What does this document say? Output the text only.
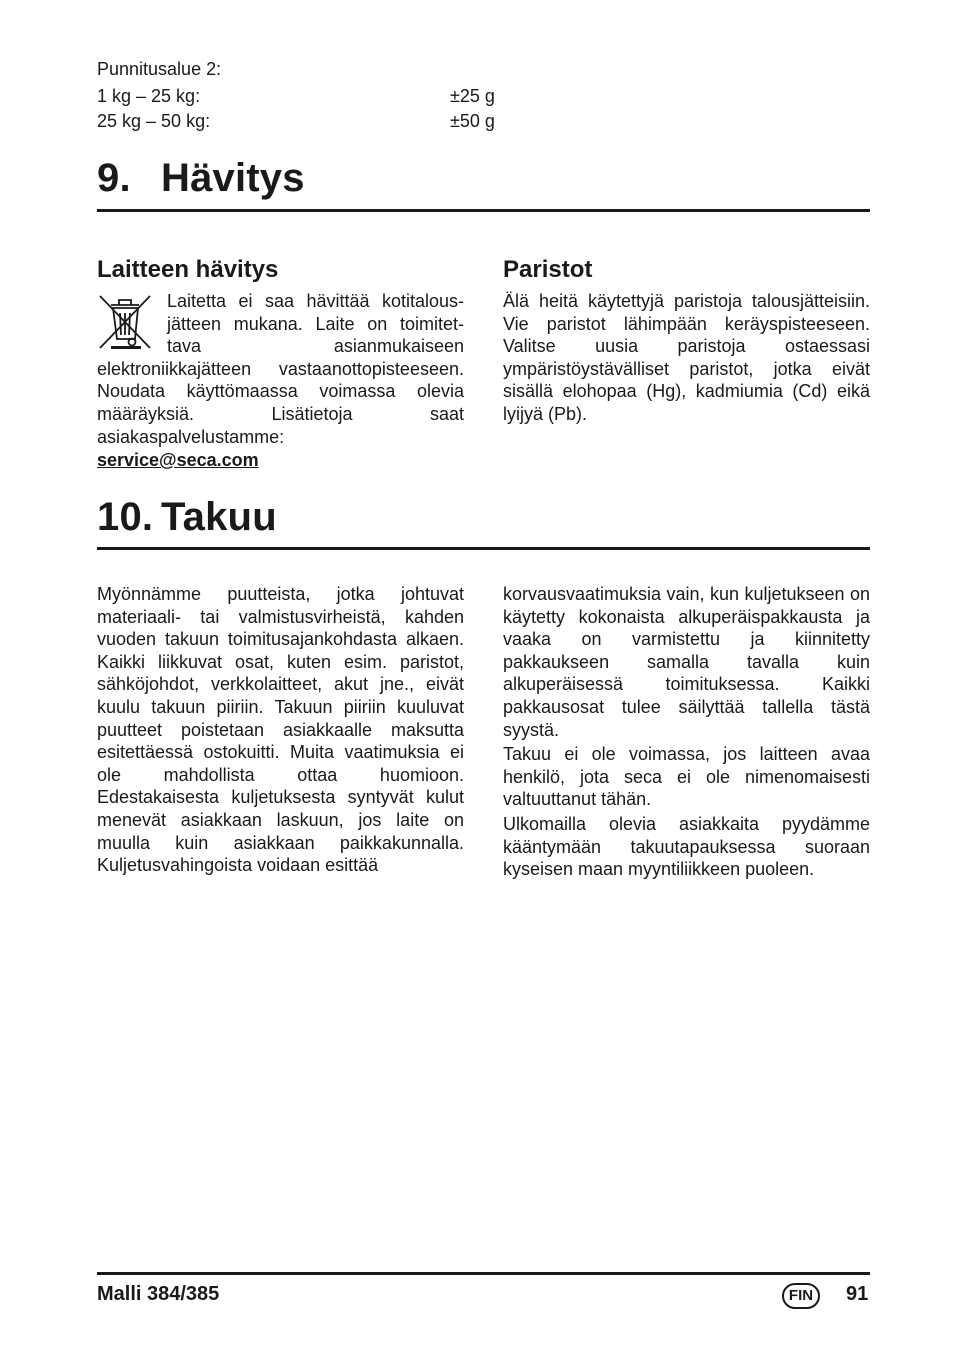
Punnitusalue 2:
1 kg – 25 kg:	±25 g
25 kg – 50 kg:	±50 g
9. Hävitys
Laitteen hävitys
Laitetta ei saa hävittää kotitalous-
jätteen mukana. Laite on toimitet-
tava asianmukaiseen
elektroniikkajätteen vastaanottopisteeseen. Noudata käyttömaassa voimassa olevia määräyksiä. Lisätietoja saat asiakaspalvelustamme:
service@seca.com
Paristot
Älä heitä käytettyjä paristoja talousjätteisiin. Vie paristot lähimpään keräyspisteeseen. Valitse uusia paristoja ostaessasi ympäristöystävälliset paristot, jotka eivät sisällä elohopaa (Hg), kadmiumia (Cd) eikä lyijyä (Pb).
10. Takuu
Myönnämme puutteista, jotka johtuvat materiaali- tai valmistusvirheistä, kahden vuoden takuun toimitusajankohdasta alkaen. Kaikki liikkuvat osat, kuten esim. paristot, sähköjohdot, verkkolaitteet, akut jne., eivät kuulu takuun piiriin. Takuun piiriin kuuluvat puutteet poistetaan asiakkaalle maksutta esitettäessä ostokuitti. Muita vaatimuksia ei ole mahdollista ottaa huomioon. Edestakaisesta kuljetuksesta syntyvät kulut menevät asiakkaan laskuun, jos laite on muulla kuin asiakkaan paikkakunnalla. Kuljetusvahingoista voidaan esittää
korvausvaatimuksia vain, kun kuljetukseen on käytetty kokonaista alkuperäispakkausta ja vaaka on varmistettu ja kiinnitetty pakkaukseen samalla tavalla kuin alkuperäisessä toimituksessa. Kaikki pakkausosat tulee säilyttää tallella tästä syystä.
Takuu ei ole voimassa, jos laitteen avaa henkilö, jota seca ei ole nimenomaisesti valtuuttanut tähän.
Ulkomailla olevia asiakkaita pyydämme kääntymään takuutapauksessa suoraan kyseisen maan myyntiliikkeen puoleen.
Malli 384/385	FIN	91
